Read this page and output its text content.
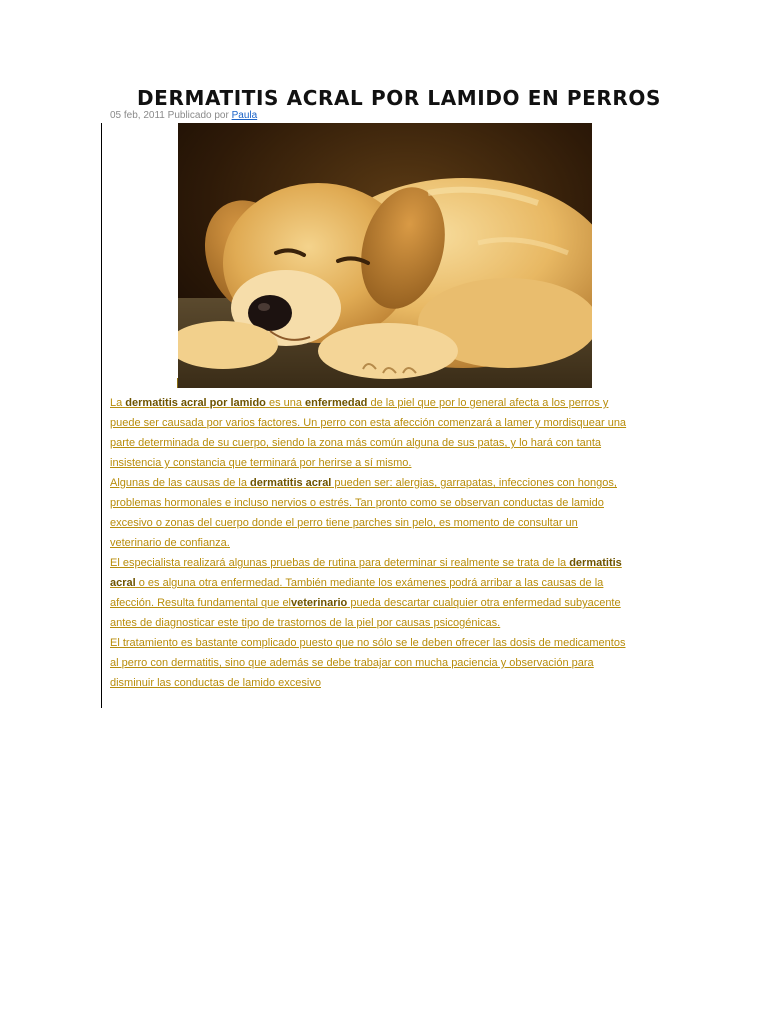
DERMATITIS ACRAL POR LAMIDO EN PERROS
05 feb, 2011 Publicado por Paula

La dermatitis acral por lamido es una enfermedad de la piel que por lo general afecta a los perros y
puede ser causada por varios factores. Un perro con esta afección comenzará a lamer y mordisquear una
parte determinada de su cuerpo, siendo la zona más común alguna de sus patas, y lo hará con tanta
insistencia y constancia que terminará por herirse a sí mismo.

Algunas de las causas de la dermatitis acral pueden ser: alergias, garrapatas, infecciones con hongos,
problemas hormonales e incluso nervios o estrés. Tan pronto como se observan conductas de lamido
excesivo o zonas del cuerpo donde el perro tiene parches sin pelo, es momento de consultar un
veterinario de confianza.

El especialista realizará algunas pruebas de rutina para determinar si realmente se trata de la dermatitis
acral o es alguna otra enfermedad. También mediante los exámenes podrá arribar a las causas de la
afección. Resulta fundamental que elveterinario pueda descartar cualquier otra enfermedad subyacente
antes de diagnosticar este tipo de trastornos de la piel por causas psicogénicas.

El tratamiento es bastante complicado puesto que no sólo se le deben ofrecer las dosis de medicamentos
al perro con dermatitis, sino que además se debe trabajar con mucha paciencia y observación para
disminuir las conductas de lamido excesivo
